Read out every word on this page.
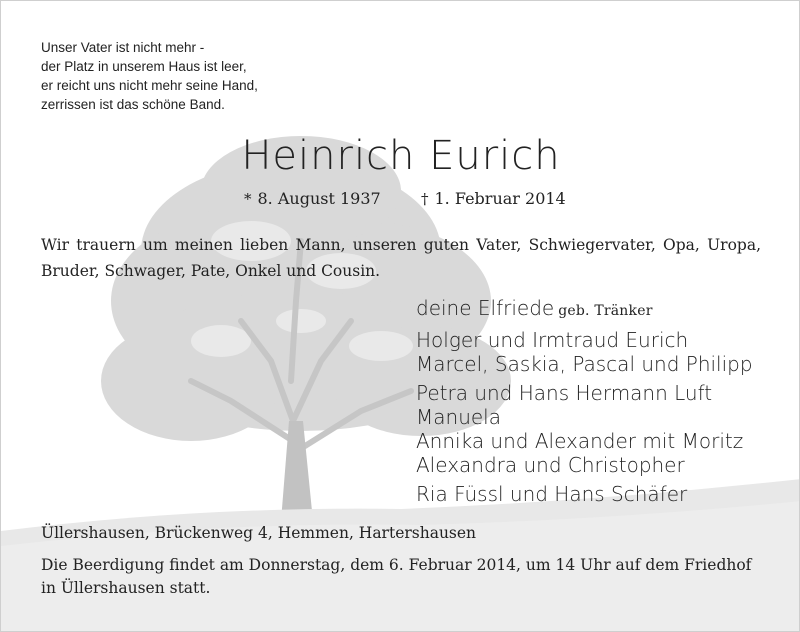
Unser Vater ist nicht mehr -
der Platz in unserem Haus ist leer,
er reicht uns nicht mehr seine Hand,
zerrissen ist das schöne Band.
Heinrich Eurich
* 8. August 1937	† 1. Februar 2014
Wir trauern um meinen lieben Mann, unseren guten Vater, Schwiegervater, Opa, Uropa, Bruder, Schwager, Pate, Onkel und Cousin.
deine Elfriede geb. Tränker
Holger und Irmtraud Eurich
Marcel, Saskia, Pascal und Philipp
Petra und Hans Hermann Luft
Manuela
Annika und Alexander mit Moritz
Alexandra und Christopher
Ria Füssl und Hans Schäfer
Üllershausen, Brückenweg 4, Hemmen, Hartershausen
Die Beerdigung findet am Donnerstag, dem 6. Februar 2014, um 14 Uhr auf dem Friedhof in Üllershausen statt.
